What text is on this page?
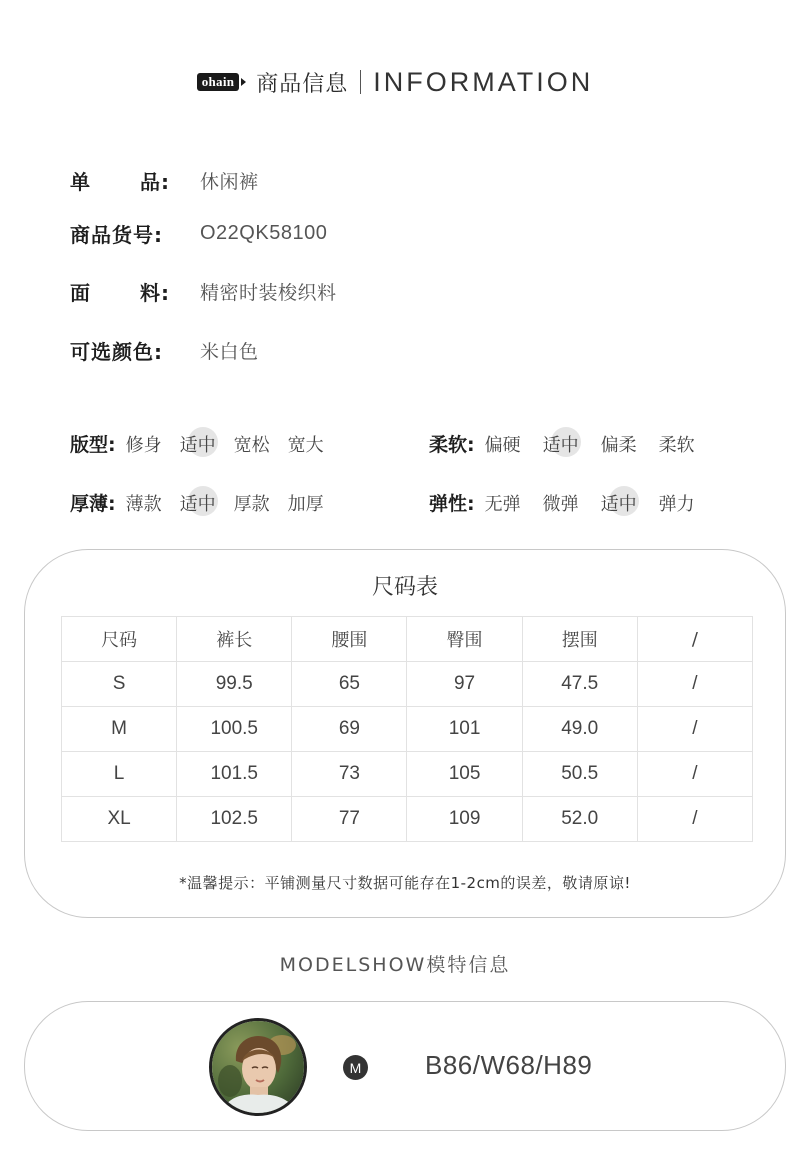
ohain 商品信息 INFORMATION
单 品: 休闲裤
商品货号:	O22QK58100
面 料: 精密时装梭织料
可选颜色:	米白色
版型: 修身 适中 宽松 宽大	柔软: 偏硬 适中 偏柔 柔软
厚薄: 薄款 适中 厚款 加厚	弹性: 无弹 微弹 适中 弹力
尺码表
尺码	裤长	腰围	臀围	摆围	/
S	99.5	65	97	47.5	/
M	100.5	69	101	49.0	/
L	101.5	73	105	50.5	/
XL	102.5	77	109	52.0	/
*温馨提示：平铺测量尺寸数据可能存在1-2cm的误差，敬请原谅!
MODELSHOW模特信息
M B86/W68/H89
